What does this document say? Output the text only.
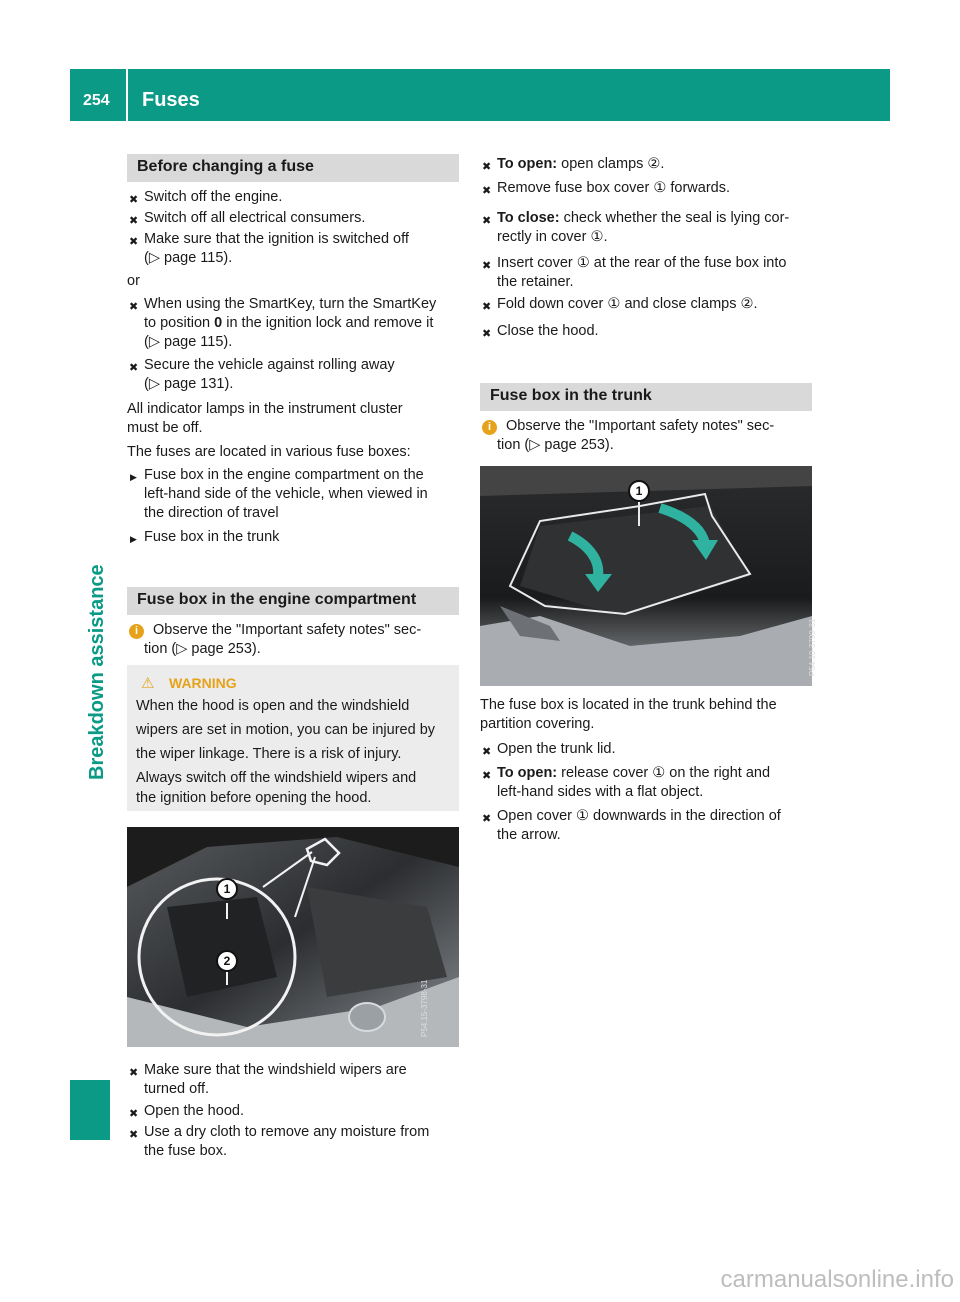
254 Fuses
Breakdown assistance
Before changing a fuse
✖ Switch off the engine.
✖ Switch off all electrical consumers.
✖ Make sure that the ignition is switched off
(▷ page 115).
or
✖ When using the SmartKey, turn the SmartKey
to position 0 in the ignition lock and remove it
(▷ page 115).
✖ Secure the vehicle against rolling away
(▷ page 131).
All indicator lamps in the instrument cluster
must be off.
The fuses are located in various fuse boxes:
▶ Fuse box in the engine compartment on the
left-hand side of the vehicle, when viewed in
the direction of travel
▶ Fuse box in the trunk
Fuse box in the engine compartment
i	Observe the "Important safety notes" sec-
tion (▷ page 253).
⚠ WARNING
When the hood is open and the windshield
wipers are set in motion, you can be injured by
the wiper linkage. There is a risk of injury.
Always switch off the windshield wipers and
the ignition before opening the hood.
P54.15-3798-31
1
2
✖ Make sure that the windshield wipers are
turned off.
✖ Open the hood.
✖ Use a dry cloth to remove any moisture from
the fuse box.
✖ To open: open clamps ②.
✖ Remove fuse box cover ① forwards.
✖ To close: check whether the seal is lying cor-
rectly in cover ①.
✖ Insert cover ① at the rear of the fuse box into
the retainer.
✖ Fold down cover ① and close clamps ②.
✖ Close the hood.
Fuse box in the trunk
i	Observe the "Important safety notes" sec-
tion (▷ page 253).
P54.10-3799-31
1
The fuse box is located in the trunk behind the
partition covering.
✖ Open the trunk lid.
✖ To open: release cover ① on the right and
left-hand sides with a flat object.
✖ Open cover ① downwards in the direction of
the arrow.
carmanualsonline.info
